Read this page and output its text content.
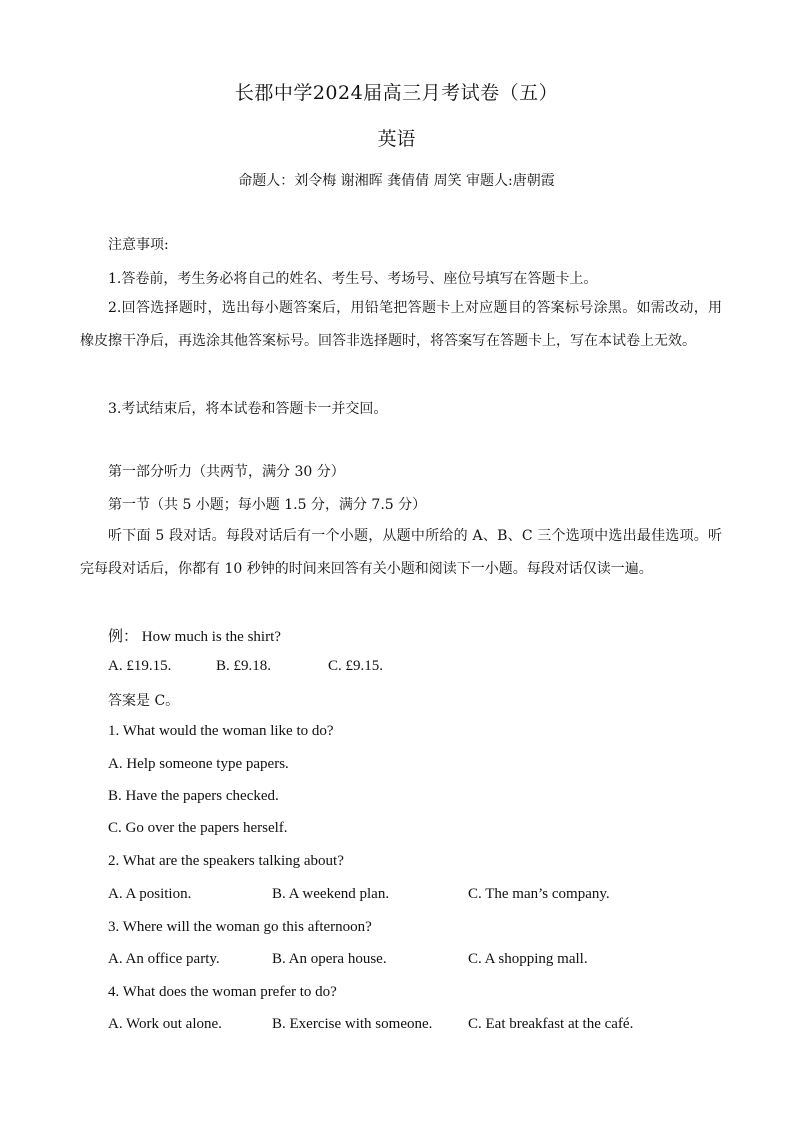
长郡中学2024届高三月考试卷（五）
英语
命题人：刘令梅 谢湘晖 龚倩倩 周笑 审题人:唐朝霞
注意事项:
1.答卷前，考生务必将自己的姓名、考生号、考场号、座位号填写在答题卡上。
2.回答选择题时，选出每小题答案后，用铅笔把答题卡上对应题目的答案标号涂黑。如需改动，用橡皮擦干净后，再选涂其他答案标号。回答非选择题时，将答案写在答题卡上，写在本试卷上无效。
3.考试结束后，将本试卷和答题卡一并交回。
第一部分听力（共两节，满分 30 分）
第一节（共 5 小题；每小题 1.5 分，满分 7.5 分）
听下面 5 段对话。每段对话后有一个小题，从题中所给的 A、B、C 三个选项中选出最佳选项。听完每段对话后，你都有 10 秒钟的时间来回答有关小题和阅读下一小题。每段对话仅读一遍。
例： How much is the shirt?
A. £19.15.	B. £9.18.	C. £9.15.
答案是 C。
1. What would the woman like to do?
A. Help someone type papers.
B. Have the papers checked.
C. Go over the papers herself.
2. What are the speakers talking about?
A. A position.	B. A weekend plan.	C. The man’s company.
3. Where will the woman go this afternoon?
A. An office party.	B. An opera house.	C. A shopping mall.
4. What does the woman prefer to do?
A. Work out alone.	B. Exercise with someone. C. Eat breakfast at the café.
